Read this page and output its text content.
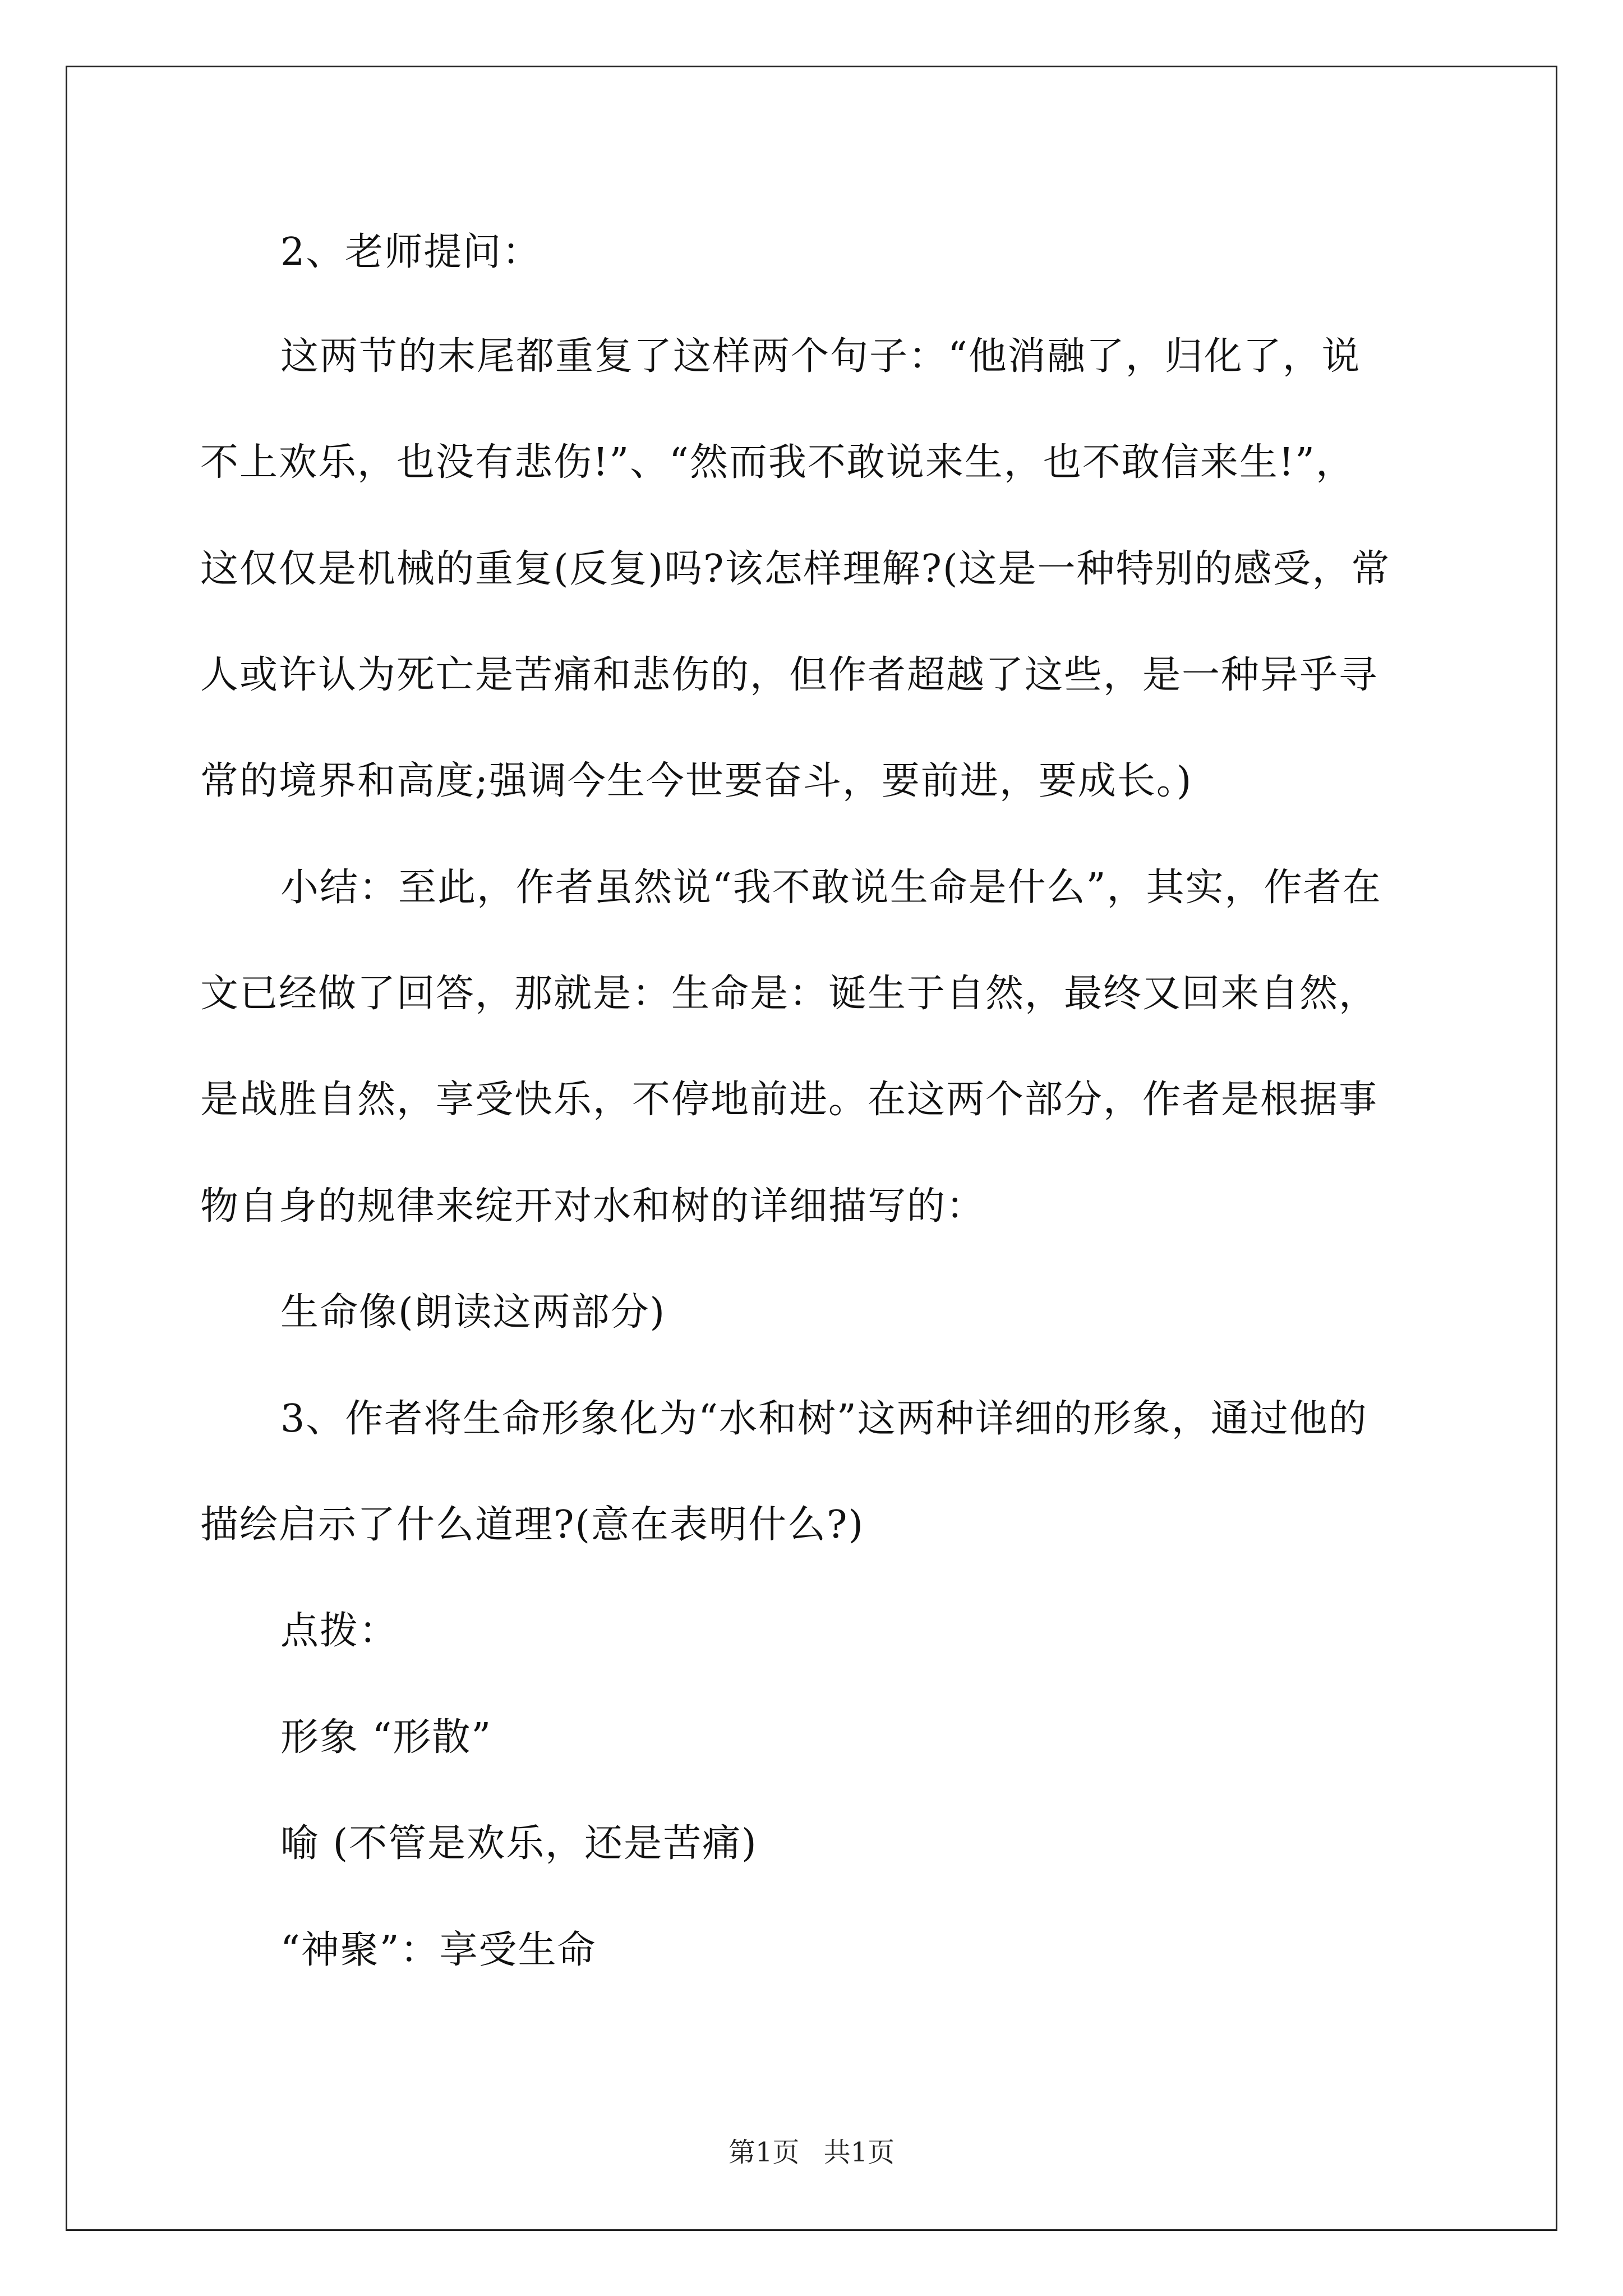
2、老师提问：
这两节的末尾都重复了这样两个句子：“他消融了，归化了，说
不上欢乐，也没有悲伤!”、“然而我不敢说来生，也不敢信来生!”，
这仅仅是机械的重复(反复)吗?该怎样理解?(这是一种特别的感受，常
人或许认为死亡是苦痛和悲伤的，但作者超越了这些，是一种异乎寻
常的境界和高度;强调今生今世要奋斗，要前进，要成长。)
小结：至此，作者虽然说“我不敢说生命是什么”，其实，作者在
文已经做了回答，那就是：生命是：诞生于自然，最终又回来自然，
是战胜自然，享受快乐，不停地前进。在这两个部分，作者是根据事
物自身的规律来绽开对水和树的详细描写的：
生命像(朗读这两部分)
3、作者将生命形象化为“水和树”这两种详细的形象，通过他的
描绘启示了什么道理?(意在表明什么?)
点拨：
形象 “形散”
喻 (不管是欢乐，还是苦痛)
“神聚”：享受生命
第1页 共1页
